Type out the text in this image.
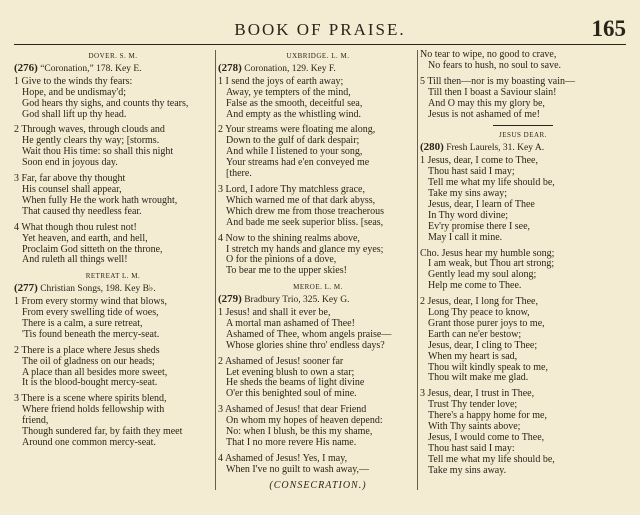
BOOK OF PRAISE.	165
DOVER. S. M.
(276) “Coronation,” 178. Key E.
1 Give to the winds thy fears:
Hope, and be undismay'd;
God hears thy sighs, and counts thy tears,
God shall lift up thy head.
2 Through waves, through clouds and
He gently clears thy way; [storms.
Wait thou His time: so shall this night
Soon end in joyous day.
3 Far, far above thy thought
His counsel shall appear,
When fully He the work hath wrought,
That caused thy needless fear.
4 What though thou rulest not!
Yet heaven, and earth, and hell,
Proclaim God sitteth on the throne,
And ruleth all things well!
RETREAT L. M.
(277) Christian Songs, 198. Key B♭.
1 From every stormy wind that blows,
From every swelling tide of woes,
There is a calm, a sure retreat,
'Tis found beneath the mercy-seat.
2 There is a place where Jesus sheds
The oil of gladness on our heads;
A place than all besides more sweet,
It is the blood-bought mercy-seat.
3 There is a scene where spirits blend,
Where friend holds fellowship with
friend,
Though sundered far, by faith they meet
Around one common mercy-seat.
UXBRIDGE. L. M.
(278) Coronation, 129. Key F.
1 I send the joys of earth away;
Away, ye tempters of the mind,
False as the smooth, deceitful sea,
And empty as the whistling wind.
2 Your streams were floating me along,
Down to the gulf of dark despair;
And while I listened to your song,
Your streams had e'en conveyed me
[there.
3 Lord, I adore Thy matchless grace,
Which warned me of that dark abyss,
Which drew me from those treacherous
And bade me seek superior bliss. [seas,
4 Now to the shining realms above,
I stretch my hands and glance my eyes;
O for the pinions of a dove,
To bear me to the upper skies!
MEROE. L. M.
(279) Bradbury Trio, 325. Key G.
1 Jesus! and shall it ever be,
A mortal man ashamed of Thee!
Ashamed of Thee, whom angels praise—
Whose glories shine thro' endless days?
2 Ashamed of Jesus! sooner far
Let evening blush to own a star;
He sheds the beams of light divine
O'er this benighted soul of mine.
3 Ashamed of Jesus! that dear Friend
On whom my hopes of heaven depend:
No: when I blush, be this my shame,
That I no more revere His name.
4 Ashamed of Jesus! Yes, I may,
When I've no guilt to wash away,—
(CONSECRATION.)
No tear to wipe, no good to crave,
No fears to hush, no soul to save.
5 Till then—nor is my boasting vain—
Till then I boast a Saviour slain!
And O may this my glory be,
Jesus is not ashamed of me!
JESUS DEAR.
(280) Fresh Laurels, 31. Key A.
1 Jesus, dear, I come to Thee,
Thou hast said I may;
Tell me what my life should be,
Take my sins away;
Jesus, dear, I learn of Thee
In Thy word divine;
Ev'ry promise there I see,
May I call it mine.
Cho. Jesus hear my humble song;
I am weak, but Thou art strong;
Gently lead my soul along;
Help me come to Thee.
2 Jesus, dear, I long for Thee,
Long Thy peace to know,
Grant those purer joys to me,
Earth can ne'er bestow;
Jesus, dear, I cling to Thee;
When my heart is sad,
Thou wilt kindly speak to me,
Thou wilt make me glad.
3 Jesus, dear, I trust in Thee,
Trust Thy tender love;
There's a happy home for me,
With Thy saints above;
Jesus, I would come to Thee,
Thou hast said I may:
Tell me what my life should be,
Take my sins away.
